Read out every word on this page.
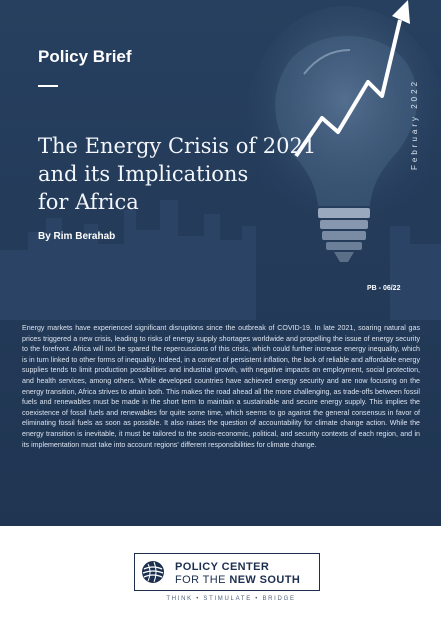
Policy Brief
The Energy Crisis of 2021
and its Implications
for Africa
By Rim Berahab
February 2022
PB - 06/22

Energy markets have experienced significant disruptions since the outbreak of COVID-19. In late 2021, soaring natural gas prices triggered a new crisis, leading to risks of energy supply shortages worldwide and propelling the issue of energy security to the forefront. Africa will not be spared the repercussions of this crisis, which could further increase energy inequality, which is in turn linked to other forms of inequality. Indeed, in a context of persistent inflation, the lack of reliable and affordable energy supplies tends to limit production possibilities and industrial growth, with negative impacts on employment, social protection, and health services, among others. While developed countries have achieved energy security and are now focusing on the energy transition, Africa strives to attain both. This makes the road ahead all the more challenging, as trade-offs between fossil fuels and renewables must be made in the short term to maintain a sustainable and secure energy supply. This implies the coexistence of fossil fuels and renewables for quite some time, which seems to go against the general consensus in favor of eliminating fossil fuels as soon as possible. It also raises the question of accountability for climate change action. While the energy transition is inevitable, it must be tailored to the socio-economic, political, and security contexts of each region, and in its implementation must take into account regions' different responsibilities for climate change.

POLICY CENTER
FOR THE NEW SOUTH
THINK • STIMULATE • BRIDGE
